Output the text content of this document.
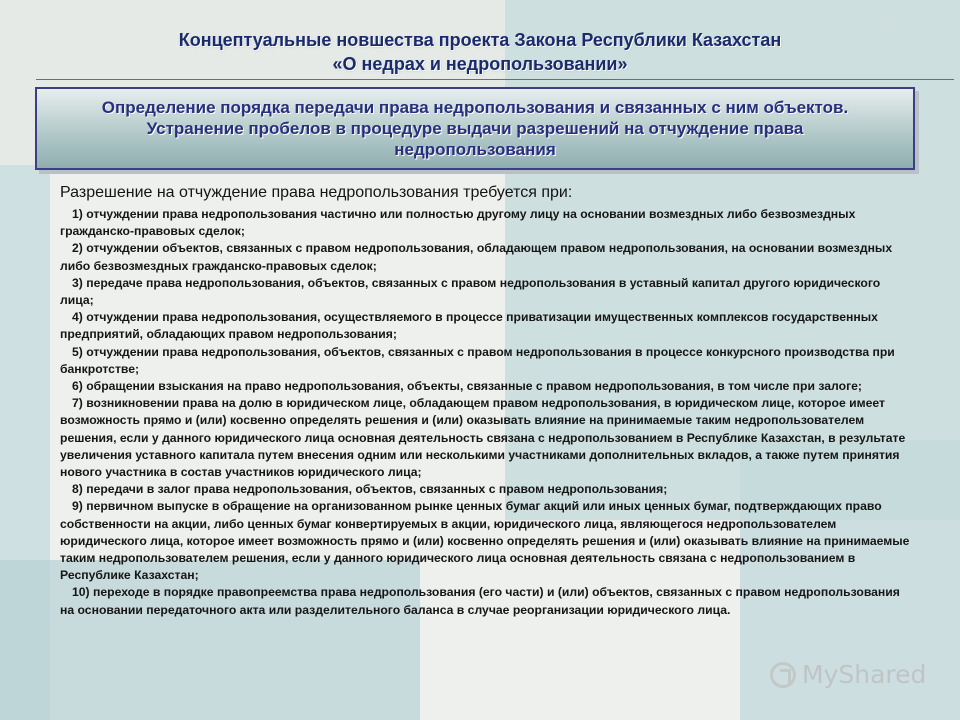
Слайд 8
Концептуальные новшества проекта Закона Республики Казахстан
«О недрах и недропользовании»
Определение порядка передачи права недропользования и связанных с ним объектов. Устранение пробелов в процедуре выдачи разрешений на отчуждение права недропользования

Разрешение на отчуждение права недропользования требуется при:

1) отчуждении права недропользования частично или полностью другому лицу на основании возмездных либо безвозмездных гражданско-правовых сделок;

2) отчуждении объектов, связанных с правом недропользования, обладающем правом недропользования, на основании возмездных либо безвозмездных гражданско-правовых сделок;

3) передаче права недропользования, объектов, связанных с правом недропользования в уставный капитал другого юридического лица;

4) отчуждении права недропользования, осуществляемого в процессе приватизации имущественных комплексов государственных предприятий, обладающих правом недропользования;

5) отчуждении права недропользования, объектов, связанных с правом недропользования в процессе конкурсного производства при банкротстве;

6) обращении взыскания на право недропользования, объекты, связанные с правом недропользования, в том числе при залоге;

7) возникновении права на долю в юридическом лице, обладающем правом недропользования, в юридическом лице, которое имеет возможность прямо и (или) косвенно определять решения и (или) оказывать влияние на принимаемые таким недропользователем решения, если у данного юридического лица основная деятельность связана с недропользованием в Республике Казахстан, в результате увеличения уставного капитала путем внесения одним или несколькими участниками дополнительных вкладов, а также путем принятия нового участника в состав участников юридического лица;

8) передачи в залог права недропользования, объектов, связанных с правом недропользования;

9) первичном выпуске в обращение на организованном рынке ценных бумаг акций или иных ценных бумаг, подтверждающих право собственности на акции, либо ценных бумаг конвертируемых в акции, юридического лица, являющегося недропользователем юридического лица, которое имеет возможность прямо и (или) косвенно определять решения и (или) оказывать влияние на принимаемые таким недропользователем решения, если у данного юридического лица основная деятельность связана с недропользованием в Республике Казахстан;

10) переходе в порядке правопреемства права недропользования (его части) и (или) объектов, связанных с правом недропользования на основании передаточного акта или разделительного баланса в случае реорганизации юридического лица.

MyShared
